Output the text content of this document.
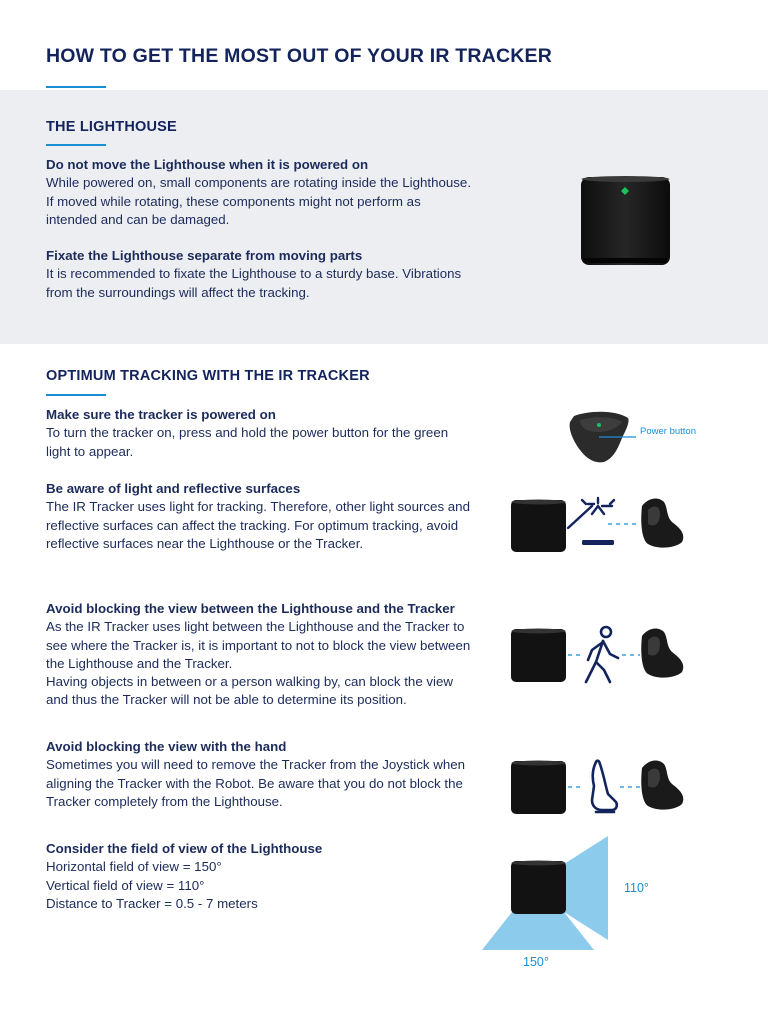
HOW TO GET THE MOST OUT OF YOUR IR TRACKER
THE LIGHTHOUSE
Do not move the Lighthouse when it is powered on
While powered on, small components are rotating inside the Lighthouse. If moved while rotating, these components might not perform as intended and can be damaged.
Fixate the Lighthouse separate from moving parts
It is recommended to fixate the Lighthouse to a sturdy base. Vibrations from the surroundings will affect the tracking.
OPTIMUM TRACKING WITH THE IR TRACKER
Make sure the tracker is powered on
To turn the tracker on, press and hold the power button for the green light to appear.
Be aware of light and reflective surfaces
The IR Tracker uses light for tracking. Therefore, other light sources and reflective surfaces can affect the tracking. For optimum tracking, avoid reflective surfaces near the Lighthouse or the Tracker.
Avoid blocking the view between the Lighthouse and the Tracker
As the IR Tracker uses light between the Lighthouse and the Tracker to see where the Tracker is, it is important to not to block the view between the Lighthouse and the Tracker.
Having objects in between or a person walking by, can block the view and thus the Tracker will not be able to determine its position.
Avoid blocking the view with the hand
Sometimes you will need to remove the Tracker from the Joystick when aligning the Tracker with the Robot. Be aware that you do not block the Tracker completely from the Lighthouse.
Consider the field of view of the Lighthouse
Horizontal field of view = 150°
Vertical field of view = 110°
Distance to Tracker = 0.5 - 7 meters
Power button
110°
150°
